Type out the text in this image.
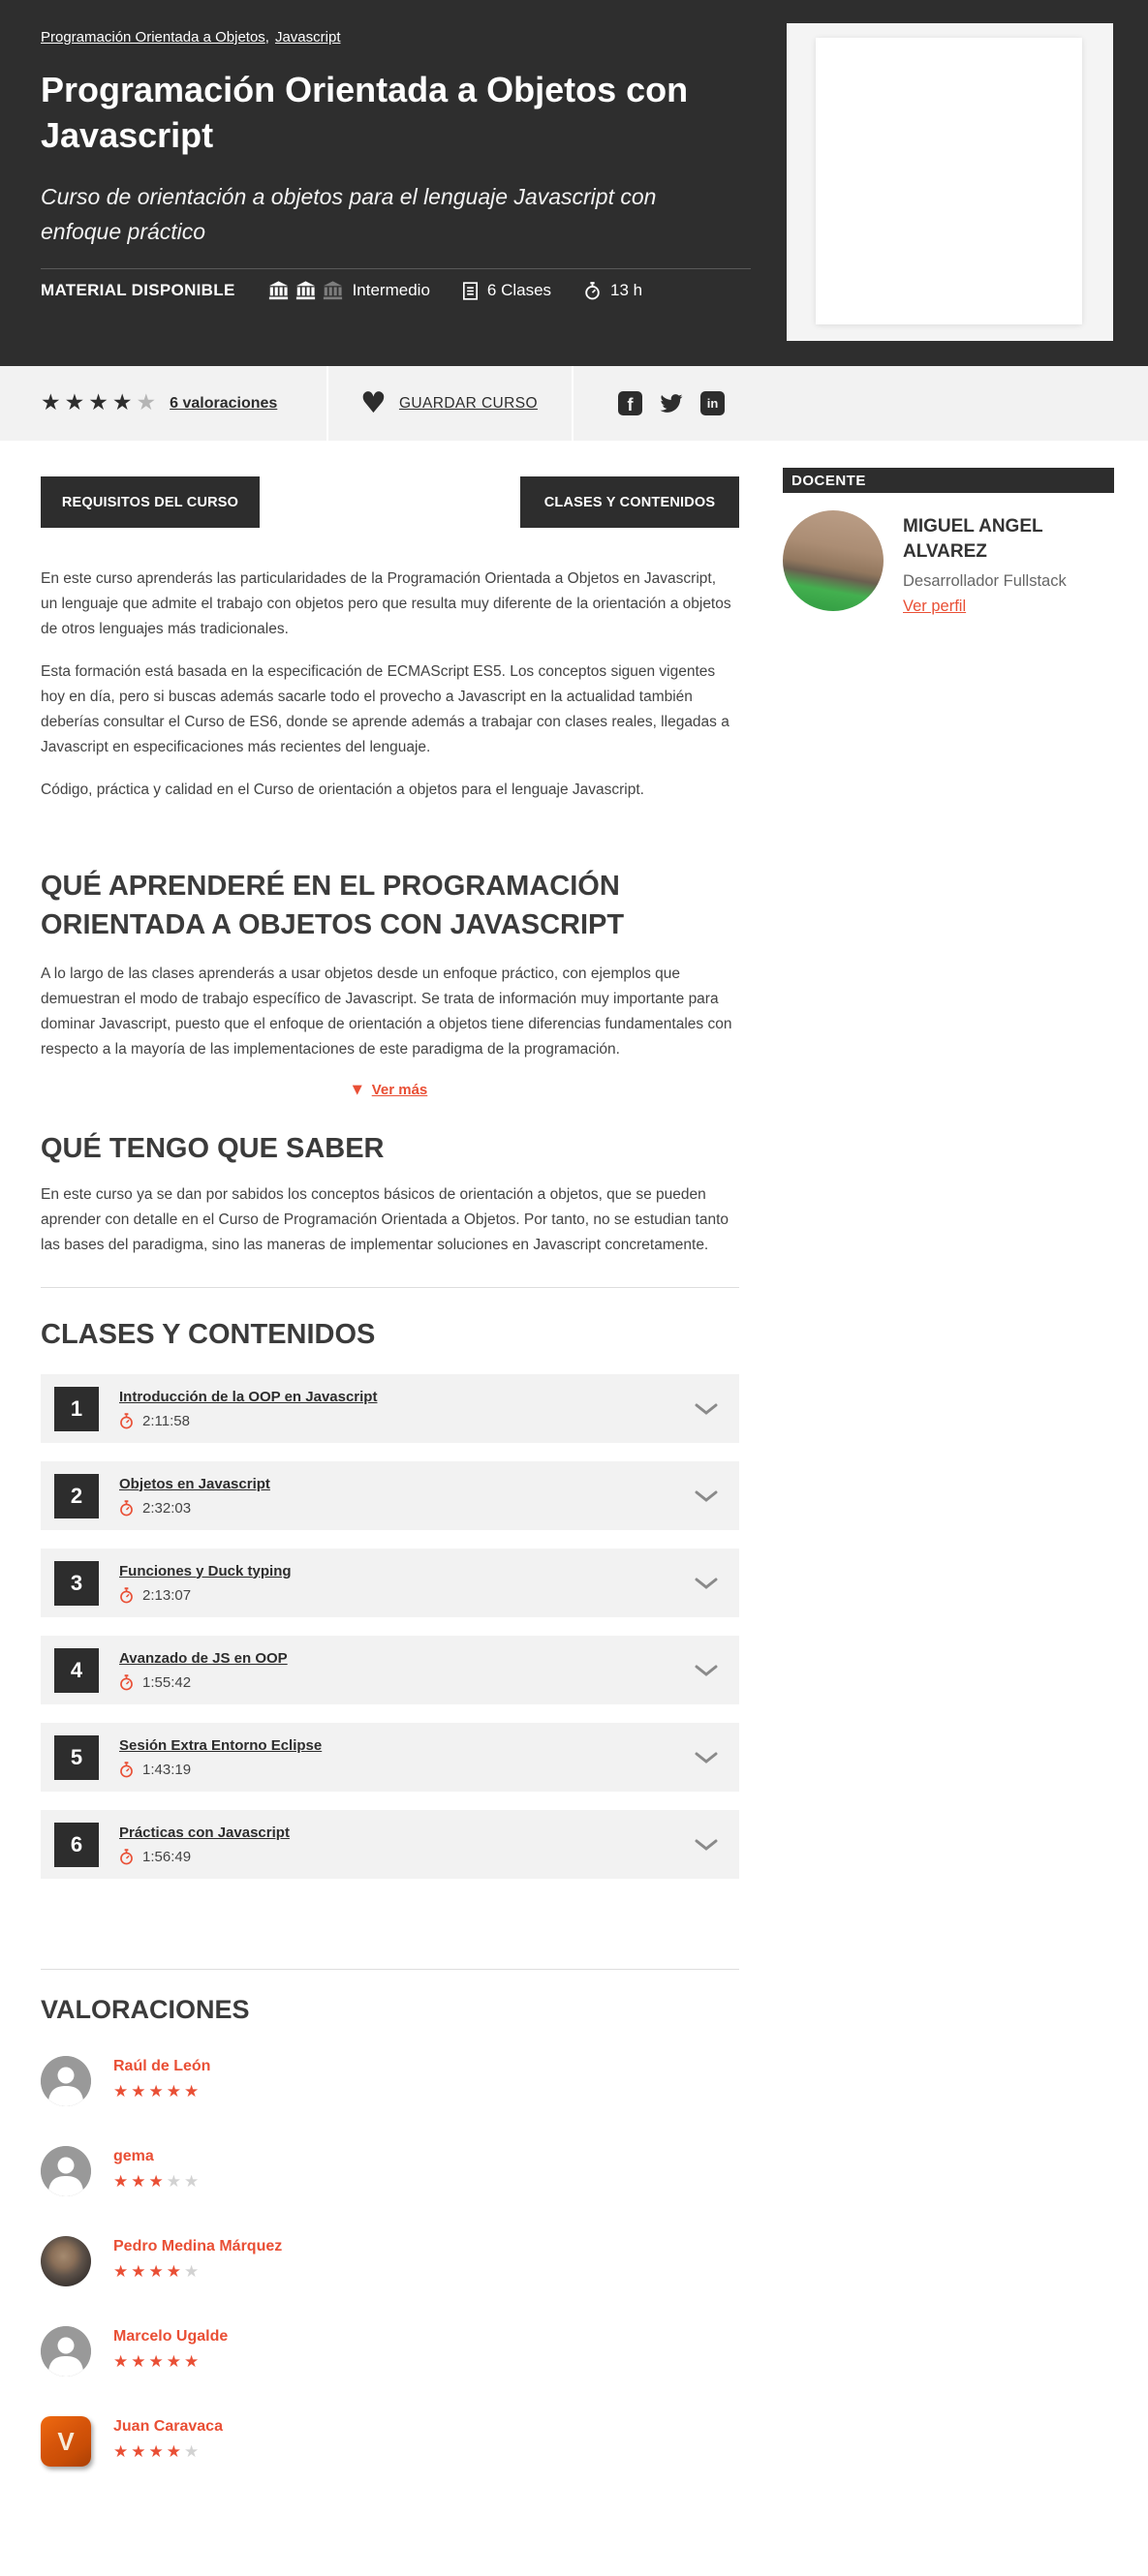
Programación Orientada a Objetos, Javascript
Programación Orientada a Objetos con Javascript

Curso de orientación a objetos para el lenguaje Javascript con enfoque práctico

MATERIAL DISPONIBLE	Intermedio	6 Clases	13 h
★ ★ ★ ★ ★ 6 valoraciones	♥ GUARDAR CURSO	f	in
REQUISITOS DEL CURSO	CLASES Y CONTENIDOS

En este curso aprenderás las particularidades de la Programación Orientada a Objetos en Javascript, un lenguaje que admite el trabajo con objetos pero que resulta muy diferente de la orientación a objetos de otros lenguajes más tradicionales.

Esta formación está basada en la especificación de ECMAScript ES5. Los conceptos siguen vigentes hoy en día, pero si buscas además sacarle todo el provecho a Javascript en la actualidad también deberías consultar el Curso de ES6, donde se aprende además a trabajar con clases reales, llegadas a Javascript en especificaciones más recientes del lenguaje.

Código, práctica y calidad en el Curso de orientación a objetos para el lenguaje Javascript.

QUÉ APRENDERÉ EN EL PROGRAMACIÓN ORIENTADA A OBJETOS CON JAVASCRIPT

A lo largo de las clases aprenderás a usar objetos desde un enfoque práctico, con ejemplos que demuestran el modo de trabajo específico de Javascript. Se trata de información muy importante para dominar Javascript, puesto que el enfoque de orientación a objetos tiene diferencias fundamentales con respecto a la mayoría de las implementaciones de este paradigma de la programación.

▼ Ver más
QUÉ TENGO QUE SABER

En este curso ya se dan por sabidos los conceptos básicos de orientación a objetos, que se pueden aprender con detalle en el Curso de Programación Orientada a Objetos. Por tanto, no se estudian tanto las bases del paradigma, sino las maneras de implementar soluciones en Javascript concretamente.

CLASES Y CONTENIDOS
1	Introducción de la OOP en Javascript
2:11:58
2	Objetos en Javascript
2:32:03
3	Funciones y Duck typing
2:13:07
4	Avanzado de JS en OOP
1:55:42
5	Sesión Extra Entorno Eclipse
1:43:19
6	Prácticas con Javascript
1:56:49
VALORACIONES
Raúl de León
★ ★ ★ ★ ★
gema
★ ★ ★ ★ ★
Pedro Medina Márquez
★ ★ ★ ★ ★
Marcelo Ugalde
★ ★ ★ ★ ★
V	Juan Caravaca
★ ★ ★ ★ ★
DOCENTE
MIGUEL ANGEL ALVAREZ
Desarrollador Fullstack
Ver perfil
